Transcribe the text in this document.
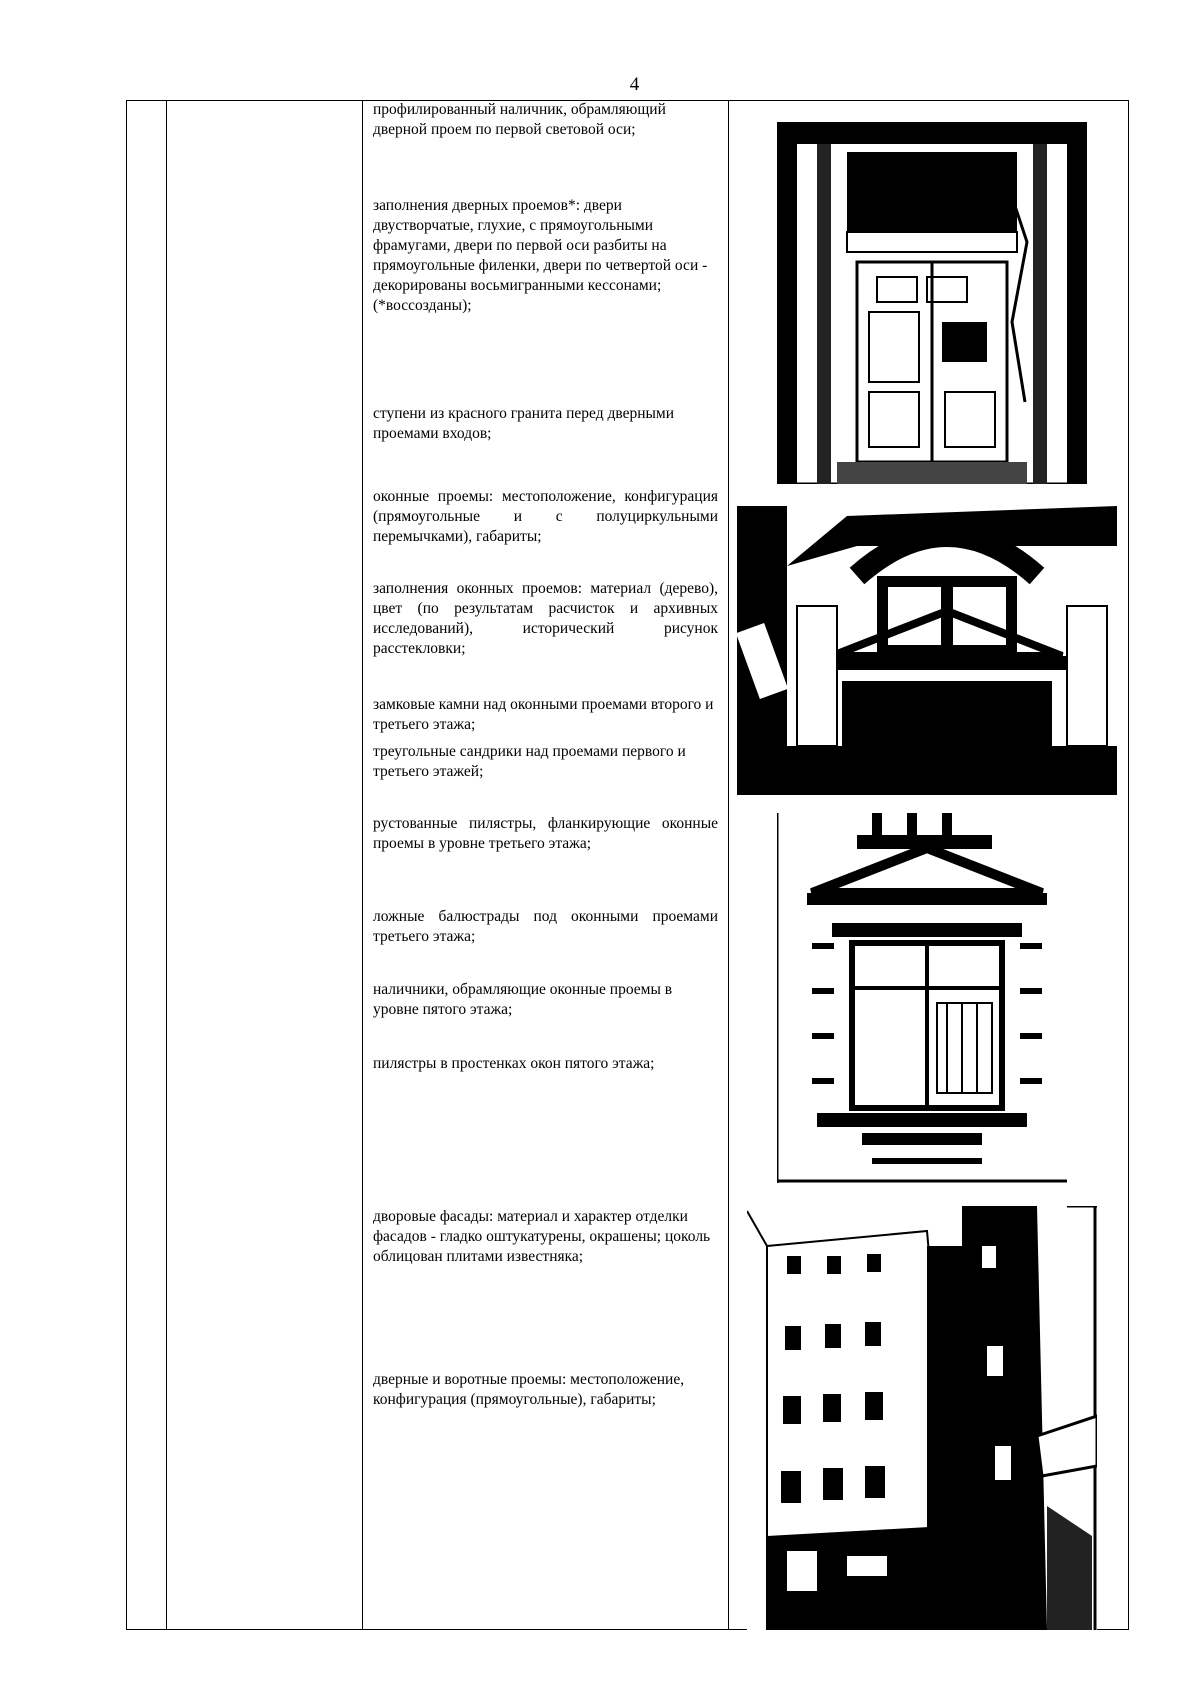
4

профилированный наличник, обрамляющий дверной проем по первой световой оси;

заполнения дверных проемов*: двери двустворчатые, глухие, с прямоугольными фрамугами, двери по первой оси разбиты на прямоугольные филенки, двери по четвертой оси - декорированы восьмигранными кессонами; (*воссозданы);

ступени из красного гранита перед дверными проемами входов;

оконные проемы: местоположение, конфигурация (прямоугольные и с полуциркульными перемычками), габариты;

заполнения оконных проемов: материал (дерево), цвет (по результатам расчисток и архивных исследований), исторический рисунок расстекловки;

замковые камни над оконными проемами второго и третьего этажа;

треугольные сандрики над проемами первого и третьего этажей;

рустованные пилястры, фланкирующие оконные проемы в уровне третьего этажа;

ложные балюстрады под оконными проемами третьего этажа;

наличники, обрамляющие оконные проемы в уровне пятого этажа;

пилястры в простенках окон пятого этажа;

дворовые фасады: материал и характер отделки фасадов - гладко оштукатурены, окрашены; цоколь облицован плитами известняка;

дверные и воротные проемы: местоположение, конфигурация (прямоугольные), габариты;
